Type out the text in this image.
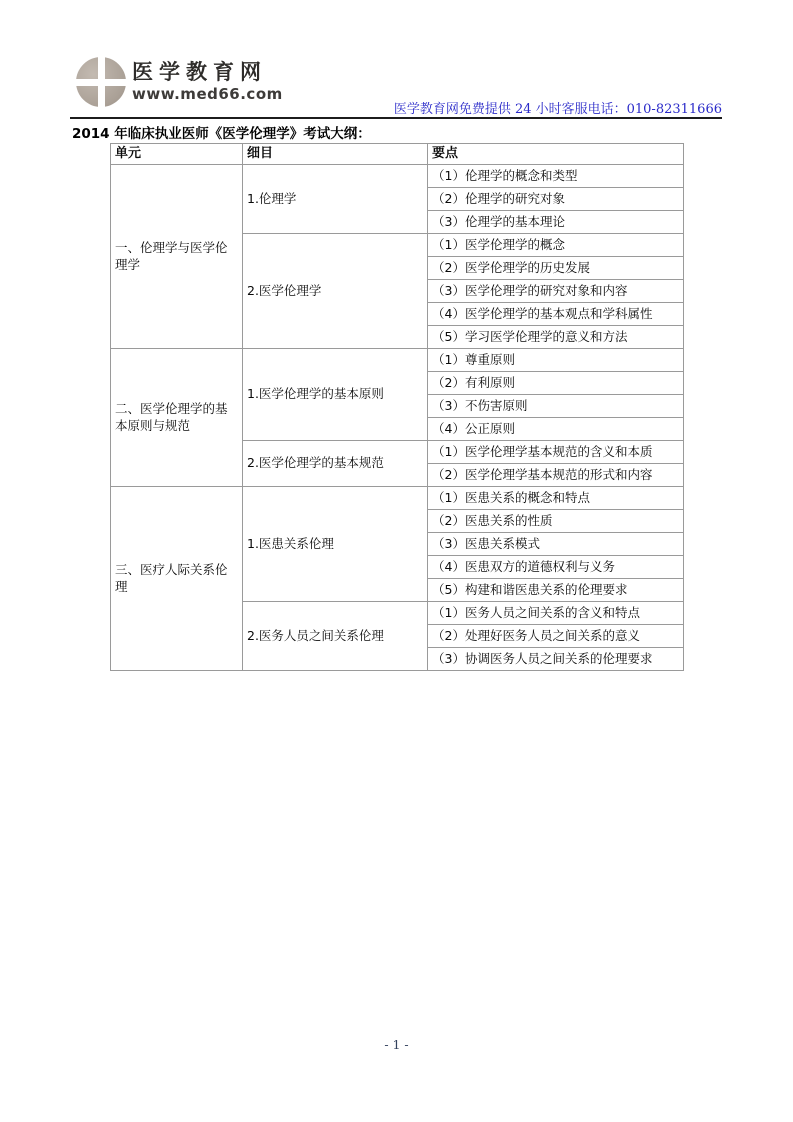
医学教育网
www.med66.com
医学教育网免费提供 24 小时客服电话：010-82311666
2014 年临床执业医师《医学伦理学》考试大纲：
单元	细目	要点
一、伦理学与医学伦理学	1.伦理学	（1）伦理学的概念和类型
		（2）伦理学的研究对象
		（3）伦理学的基本理论
	2.医学伦理学	（1）医学伦理学的概念
		（2）医学伦理学的历史发展
		（3）医学伦理学的研究对象和内容
		（4）医学伦理学的基本观点和学科属性
		（5）学习医学伦理学的意义和方法
二、医学伦理学的基本原则与规范	1.医学伦理学的基本原则	（1）尊重原则
		（2）有利原则
		（3）不伤害原则
		（4）公正原则
	2.医学伦理学的基本规范	（1）医学伦理学基本规范的含义和本质
		（2）医学伦理学基本规范的形式和内容
三、医疗人际关系伦理	1.医患关系伦理	（1）医患关系的概念和特点
		（2）医患关系的性质
		（3）医患关系模式
		（4）医患双方的道德权利与义务
		（5）构建和谐医患关系的伦理要求
	2.医务人员之间关系伦理	（1）医务人员之间关系的含义和特点
		（2）处理好医务人员之间关系的意义
		（3）协调医务人员之间关系的伦理要求
- 1 -
